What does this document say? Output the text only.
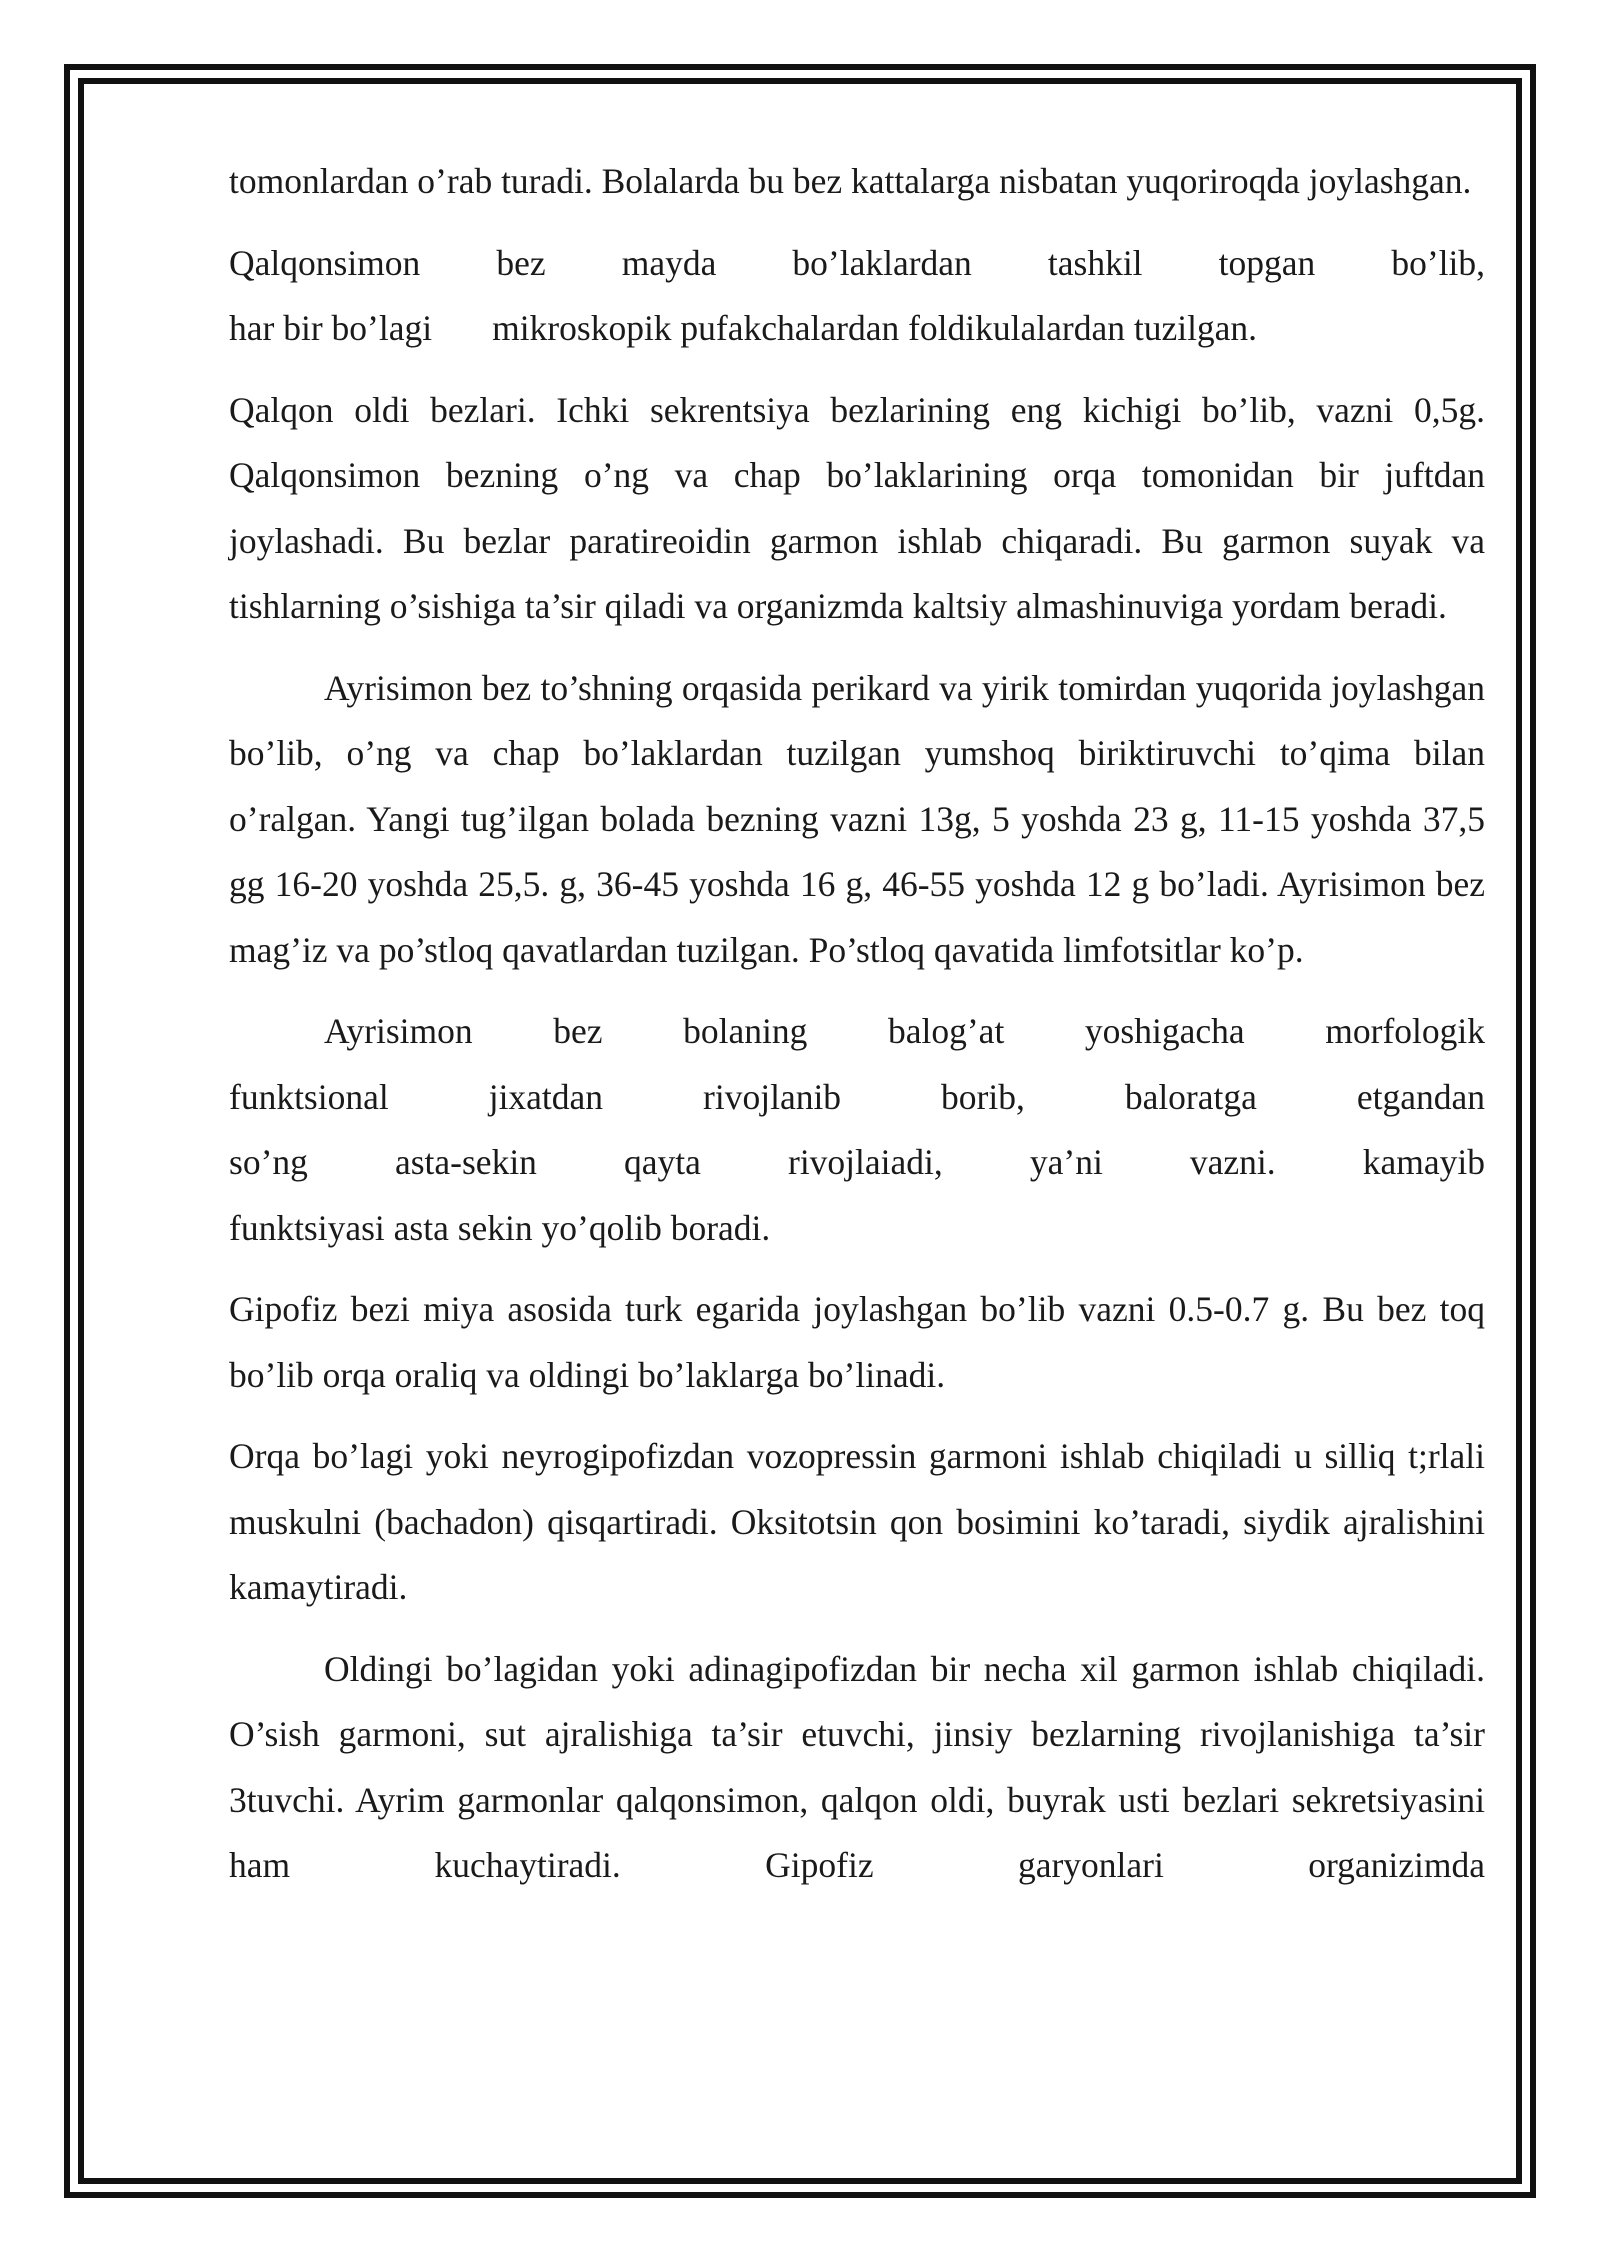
tomonlardan o’rab turadi. Bolalarda bu bez kattalarga nisbatan yuqoriroqda joylashgan.

Qalqonsimon bez mayda bo’laklardan tashkil topgan bo’lib,
har bir bo’lagi mikroskopik pufakchalardan foldikulalardan tuzilgan.

Qalqon oldi bezlari. Ichki sekrentsiya bezlarining eng kichigi bo’lib, vazni 0,5g. Qalqonsimon bezning o’ng va chap bo’laklarining orqa tomonidan bir juftdan joylashadi. Bu bezlar paratireoidin garmon ishlab chiqaradi. Bu garmon suyak va tishlarning o’sishiga ta’sir qiladi va organizmda kaltsiy almashinuviga yordam beradi.

Ayrisimon bez to’shning orqasida perikard va yirik tomirdan yuqorida joylashgan bo’lib, o’ng va chap bo’laklardan tuzilgan yumshoq biriktiruvchi to’qima bilan o’ralgan. Yangi tug’ilgan bolada bezning vazni 13g, 5 yoshda 23 g, 11-15 yoshda 37,5 gg 16-20 yoshda 25,5. g, 36-45 yoshda 16 g, 46-55 yoshda 12 g bo’ladi. Ayrisimon bez mag’iz va po’stloq qavatlardan tuzilgan. Po’stloq qavatida limfotsitlar ko’p.

Ayrisimon bez bolaning balog’at yoshigacha morfologik
funktsional jixatdan rivojlanib borib, baloratga etgandan
so’ng asta-sekin qayta rivojlaiadi, ya’ni vazni. kamayib
funktsiyasi asta sekin yo’qolib boradi.

Gipofiz bezi miya asosida turk egarida joylashgan bo’lib vazni 0.5-0.7 g. Bu bez toq bo’lib orqa oraliq va oldingi bo’laklarga bo’linadi.

Orqa bo’lagi yoki neyrogipofizdan vozopressin garmoni ishlab chiqiladi u silliq t;rlali muskulni (bachadon) qisqartiradi. Oksitotsin qon bosimini ko’taradi, siydik ajralishini kamaytiradi.

Oldingi bo’lagidan yoki adinagipofizdan bir necha xil garmon ishlab chiqiladi. O’sish garmoni, sut ajralishiga ta’sir etuvchi, jinsiy bezlarning rivojlanishiga ta’sir 3tuvchi. Ayrim garmonlar qalqonsimon, qalqon oldi, buyrak usti bezlari sekretsiyasini ham kuchaytiradi. Gipofiz garyonlari organizimda
